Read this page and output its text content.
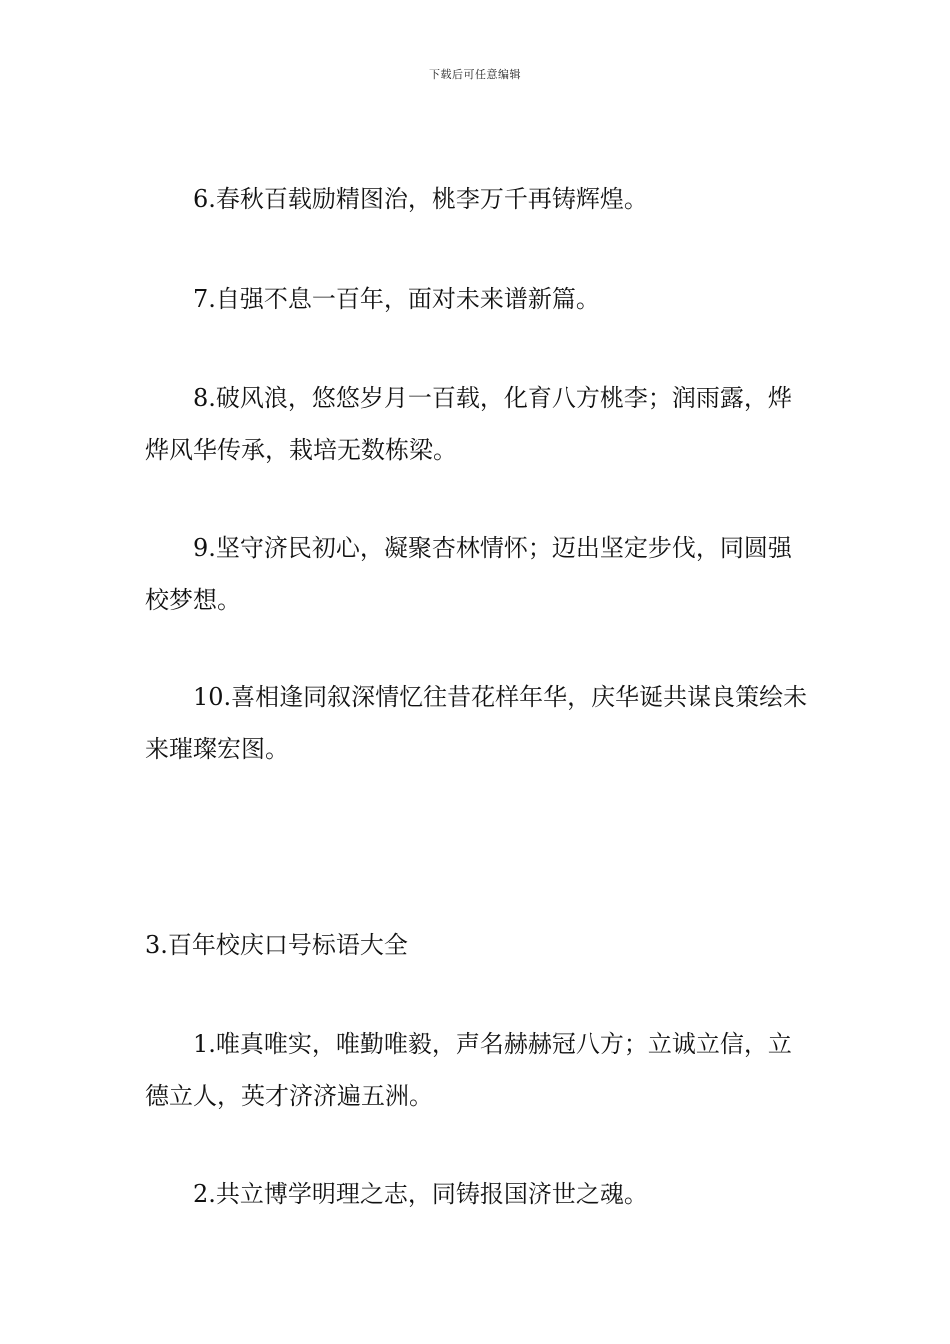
下载后可任意编辑

6.春秋百载励精图治，桃李万千再铸辉煌。

7.自强不息一百年，面对未来谱新篇。

8.破风浪，悠悠岁月一百载，化育八方桃李；润雨露，烨烨风华传承，栽培无数栋梁。

9.坚守济民初心，凝聚杏林情怀；迈出坚定步伐，同圆强校梦想。

10.喜相逢同叙深情忆往昔花样年华，庆华诞共谋良策绘未来璀璨宏图。

3.百年校庆口号标语大全

1.唯真唯实，唯勤唯毅，声名赫赫冠八方；立诚立信，立德立人，英才济济遍五洲。

2.共立博学明理之志，同铸报国济世之魂。
